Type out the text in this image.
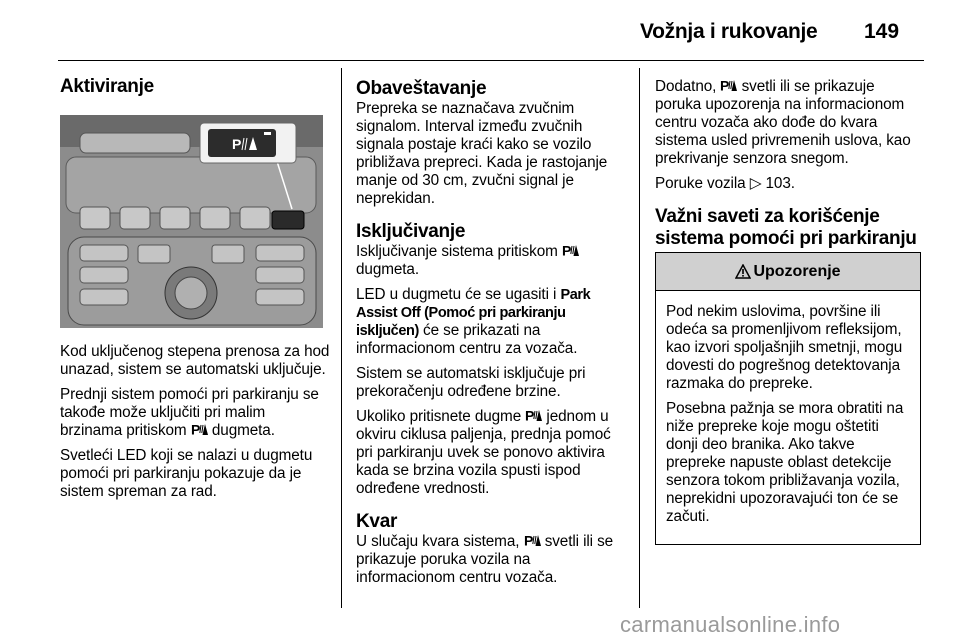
Vožnja i rukovanje	149
Aktiviranje
P

Kod uključenog stepena prenosa za hod unazad, sistem se automatski uključuje.

Prednji sistem pomoći pri parkiranju se takođe može uključiti pri malim brzinama pritiskom dugmeta.

Svetleći LED koji se nalazi u dugmetu pomoći pri parkiranju pokazuje da je sistem spreman za rad.

Obaveštavanje

Prepreka se naznačava zvučnim signalom. Interval između zvučnih signala postaje kraći kako se vozilo približava prepreci. Kada je rastojanje manje od 30 cm, zvučni signal je neprekidan.

Isključivanje

Isključivanje sistema pritiskom  dugmeta.

LED u dugmetu će se ugasiti i Park Assist Off (Pomoć pri parkiranju isključen) će se prikazati na informacionom centru za vozača.

Sistem se automatski isključuje pri prekoračenju određene brzine.

Ukoliko pritisnete dugme jednom u okviru ciklusa paljenja, prednja pomoć pri parkiranju uvek se ponovo aktivira kada se brzina vozila spusti ispod određene vrednosti.

Kvar

U slučaju kvara sistema, svetli ili se prikazuje poruka vozila na informacionom centru vozača.

Dodatno, svetli ili se prikazuje poruka upozorenja na informacionom centru vozača ako dođe do kvara sistema usled privremenih uslova, kao prekrivanje senzora snegom.

Poruke vozila ▷ 103.

Važni saveti za korišćenje sistema pomoći pri parkiranju
Upozorenje

Pod nekim uslovima, površine ili odeća sa promenljivom refleksijom, kao izvori spoljašnjih smetnji, mogu dovesti do pogrešnog detektovanja razmaka do prepreke.

Posebna pažnja se mora obratiti na niže prepreke koje mogu oštetiti donji deo branika. Ako takve prepreke napuste oblast detekcije senzora tokom približavanja vozila, neprekidni upozoravajući ton će se začuti.

carmanualsonline.info
